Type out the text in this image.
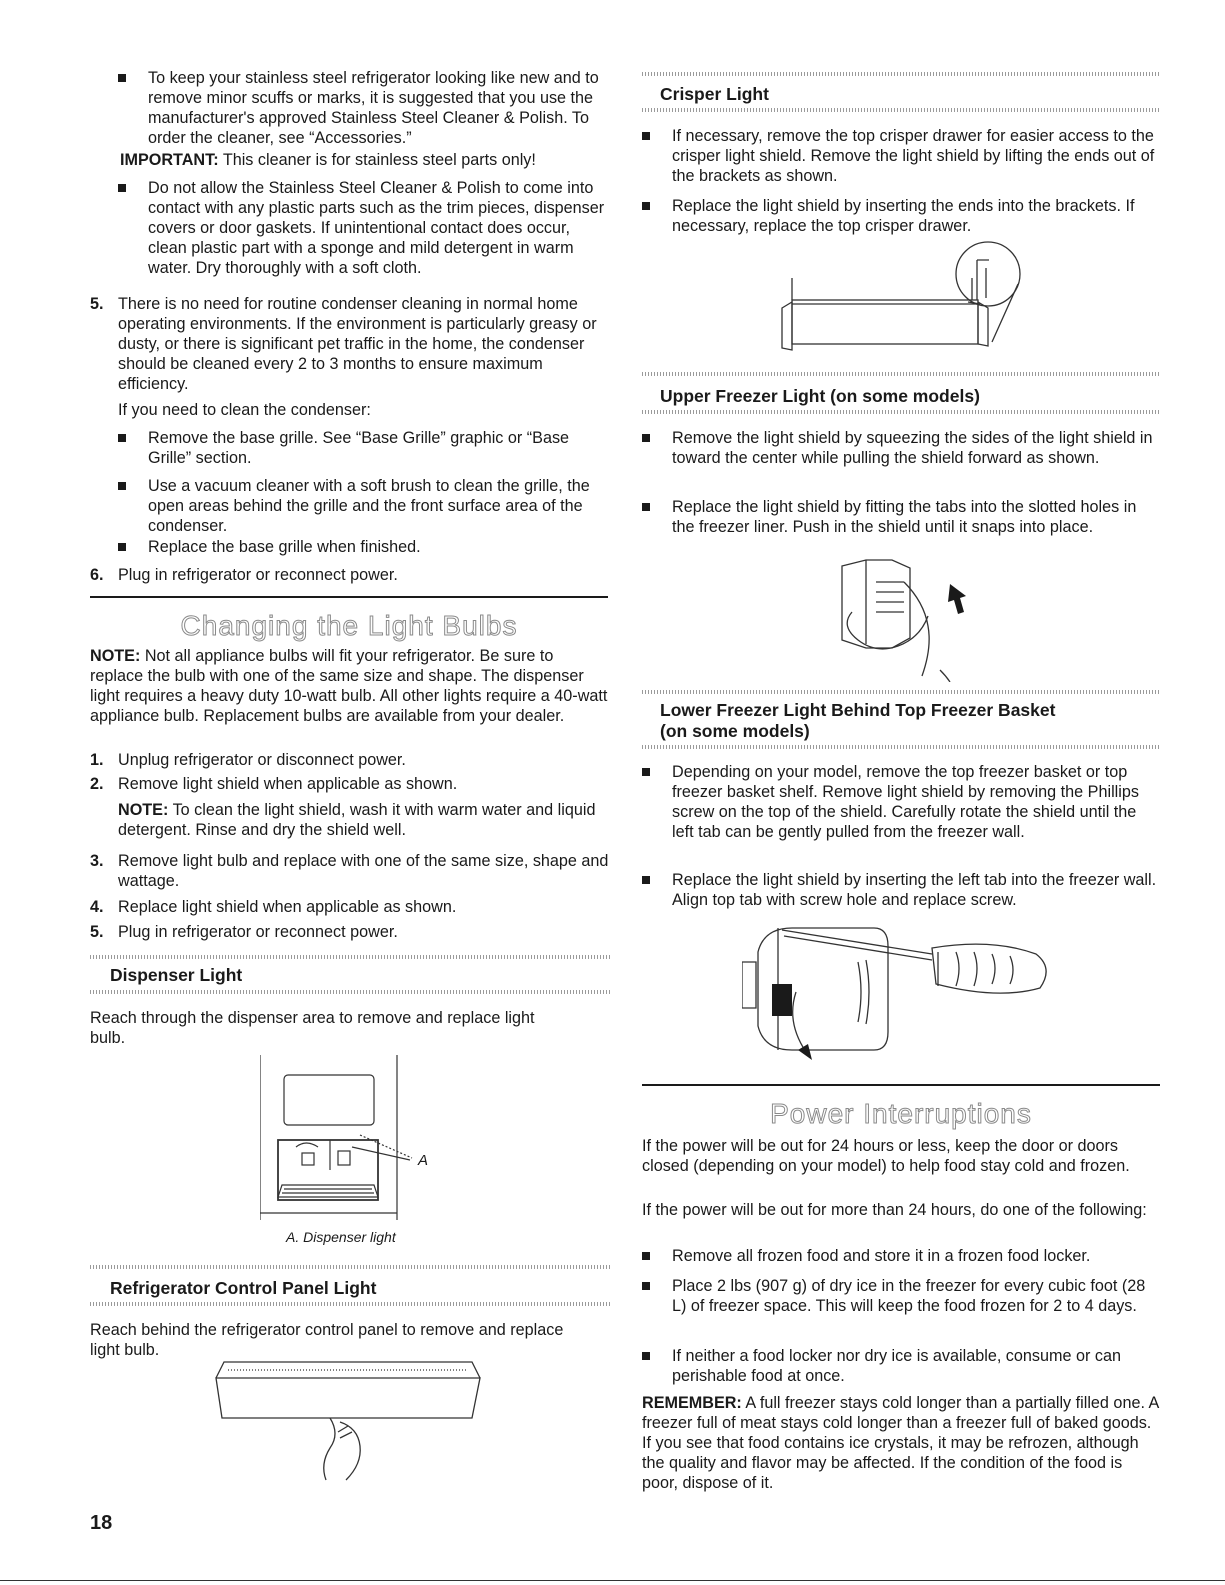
To keep your stainless steel refrigerator looking like new and to remove minor scuffs or marks, it is suggested that you use the manufacturer's approved Stainless Steel Cleaner & Polish. To order the cleaner, see “Accessories.”

IMPORTANT: This cleaner is for stainless steel parts only!

Do not allow the Stainless Steel Cleaner & Polish to come into contact with any plastic parts such as the trim pieces, dispenser covers or door gaskets. If unintentional contact does occur, clean plastic part with a sponge and mild detergent in warm water. Dry thoroughly with a soft cloth.

5. There is no need for routine condenser cleaning in normal home operating environments. If the environment is particularly greasy or dusty, or there is significant pet traffic in the home, the condenser should be cleaned every 2 to 3 months to ensure maximum efficiency.

If you need to clean the condenser:

Remove the base grille. See “Base Grille” graphic or “Base Grille” section.

Use a vacuum cleaner with a soft brush to clean the grille, the open areas behind the grille and the front surface area of the condenser.

Replace the base grille when finished.

6. Plug in refrigerator or reconnect power.

Changing the Light Bulbs

NOTE: Not all appliance bulbs will fit your refrigerator. Be sure to replace the bulb with one of the same size and shape. The dispenser light requires a heavy duty 10-watt bulb. All other lights require a 40-watt appliance bulb. Replacement bulbs are available from your dealer.

1. Unplug refrigerator or disconnect power.

2. Remove light shield when applicable as shown.

NOTE: To clean the light shield, wash it with warm water and liquid detergent. Rinse and dry the shield well.

3. Remove light bulb and replace with one of the same size, shape and wattage.

4. Replace light shield when applicable as shown.

5. Plug in refrigerator or reconnect power.

Dispenser Light

Reach through the dispenser area to remove and replace light bulb.

A
A. Dispenser light
Refrigerator Control Panel Light

Reach behind the refrigerator control panel to remove and replace light bulb.

Crisper Light

If necessary, remove the top crisper drawer for easier access to the crisper light shield. Remove the light shield by lifting the ends out of the brackets as shown.

Replace the light shield by inserting the ends into the brackets. If necessary, replace the top crisper drawer.

Upper Freezer Light (on some models)

Remove the light shield by squeezing the sides of the light shield in toward the center while pulling the shield forward as shown.

Replace the light shield by fitting the tabs into the slotted holes in the freezer liner. Push in the shield until it snaps into place.

Lower Freezer Light Behind Top Freezer Basket
(on some models)

Depending on your model, remove the top freezer basket or top freezer basket shelf. Remove light shield by removing the Phillips screw on the top of the shield. Carefully rotate the shield until the left tab can be gently pulled from the freezer wall.

Replace the light shield by inserting the left tab into the freezer wall. Align top tab with screw hole and replace screw.

Power Interruptions

If the power will be out for 24 hours or less, keep the door or doors closed (depending on your model) to help food stay cold and frozen.

If the power will be out for more than 24 hours, do one of the following:

Remove all frozen food and store it in a frozen food locker.

Place 2 lbs (907 g) of dry ice in the freezer for every cubic foot (28 L) of freezer space. This will keep the food frozen for 2 to 4 days.

If neither a food locker nor dry ice is available, consume or can perishable food at once.

REMEMBER: A full freezer stays cold longer than a partially filled one. A freezer full of meat stays cold longer than a freezer full of baked goods. If you see that food contains ice crystals, it may be refrozen, although the quality and flavor may be affected. If the condition of the food is poor, dispose of it.

18
